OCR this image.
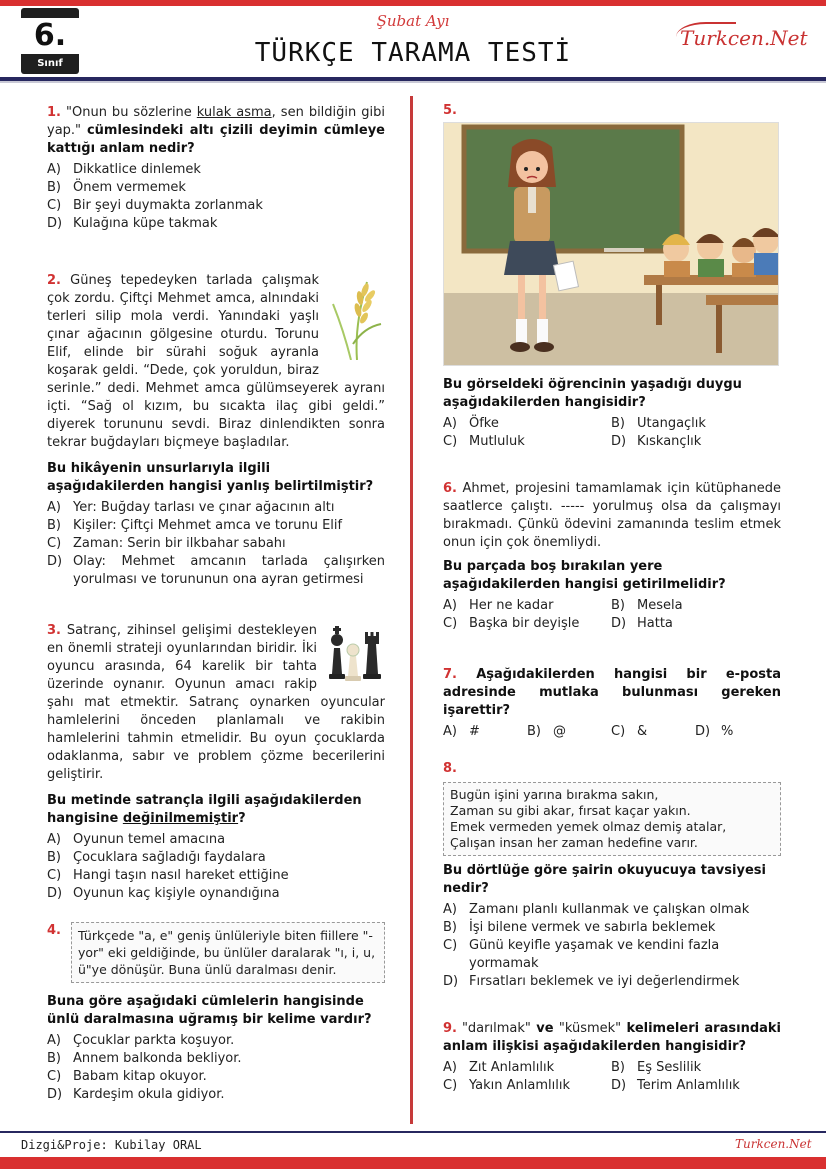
6.
Sınıf
Şubat Ayı
TÜRKÇE TARAMA TESTİ	Turkcen.Net
1. "Onun bu sözlerine kulak asma, sen bildiğin gibi yap." cümlesindeki altı çizili deyimin cümleye kattığı anlam nedir?
A) Dikkatlice dinlemek
B) Önem vermemek
C) Bir şeyi duymakta zorlanmak
D) Kulağına küpe takmak
2. Güneş tepedeyken tarlada çalışmak çok zordu. Çiftçi Mehmet amca, alnındaki terleri silip mola verdi. Yanındaki yaşlı çınar ağacının gölgesine oturdu. Torunu Elif, elinde bir sürahi soğuk ayranla koşarak geldi. “Dede, çok yoruldun, biraz serinle.” dedi. Mehmet amca gülümseyerek ayranı içti. “Sağ ol kızım, bu sıcakta ilaç gibi geldi.” diyerek torununu sevdi. Biraz dinlendikten sonra tekrar buğdayları biçmeye başladılar.
Bu hikâyenin unsurlarıyla ilgili aşağıdakilerden hangisi yanlış belirtilmiştir?
A) Yer: Buğday tarlası ve çınar ağacının altı
B) Kişiler: Çiftçi Mehmet amca ve torunu Elif
C) Zaman: Serin bir ilkbahar sabahı
D) Olay: Mehmet amcanın tarlada çalışırken yorulması ve torununun ona ayran getirmesi
3. Satranç, zihinsel gelişimi destekleyen en önemli strateji oyunlarından biridir. İki oyuncu arasında, 64 karelik bir tahta üzerinde oynanır. Oyunun amacı rakip şahı mat etmektir. Satranç oynarken oyuncular hamlelerini önceden planlamalı ve rakibin hamlelerini tahmin etmelidir. Bu oyun çocuklarda odaklanma, sabır ve problem çözme becerilerini geliştirir.
Bu metinde satrançla ilgili aşağıdakilerden hangisine değinilmemiştir?
A) Oyunun temel amacına
B) Çocuklara sağladığı faydalara
C) Hangi taşın nasıl hareket ettiğine
D) Oyunun kaç kişiyle oynandığına
4.	Türkçede "a, e" geniş ünlüleriyle biten fiillere "-yor" eki geldiğinde, bu ünlüler daralarak "ı, i, u, ü"ye dönüşür. Buna ünlü daralması denir.
Buna göre aşağıdaki cümlelerin hangisinde ünlü daralmasına uğramış bir kelime vardır?
A) Çocuklar parkta koşuyor.
B) Annem balkonda bekliyor.
C) Babam kitap okuyor.
D) Kardeşim okula gidiyor.
5.
Bu görseldeki öğrencinin yaşadığı duygu aşağıdakilerden hangisidir?
A) Öfke	B) Utangaçlık
C) Mutluluk	D) Kıskançlık
6. Ahmet, projesini tamamlamak için kütüphanede saatlerce çalıştı. ----- yorulmuş olsa da çalışmayı bırakmadı. Çünkü ödevini zamanında teslim etmek onun için çok önemliydi.
Bu parçada boş bırakılan yere aşağıdakilerden hangisi getirilmelidir?
A) Her ne kadar	B) Mesela
C) Başka bir deyişle	D) Hatta
7. Aşağıdakilerden hangisi bir e-posta adresinde mutlaka bulunması gereken işarettir?
A) #	B) @	C) &	D) %
8.
Bugün işini yarına bırakma sakın,
Zaman su gibi akar, fırsat kaçar yakın.
Emek vermeden yemek olmaz demiş atalar,
Çalışan insan her zaman hedefine varır.
Bu dörtlüğe göre şairin okuyucuya tavsiyesi nedir?
A) Zamanı planlı kullanmak ve çalışkan olmak
B) İşi bilene vermek ve sabırla beklemek
C) Günü keyifle yaşamak ve kendini fazla yormamak
D) Fırsatları beklemek ve iyi değerlendirmek
9. "darılmak" ve "küsmek" kelimeleri arasındaki anlam ilişkisi aşağıdakilerden hangisidir?
A) Zıt Anlamlılık	B) Eş Seslilik
C) Yakın Anlamlılık	D) Terim Anlamlılık
Dizgi&Proje: Kubilay ORAL	Turkcen.Net
